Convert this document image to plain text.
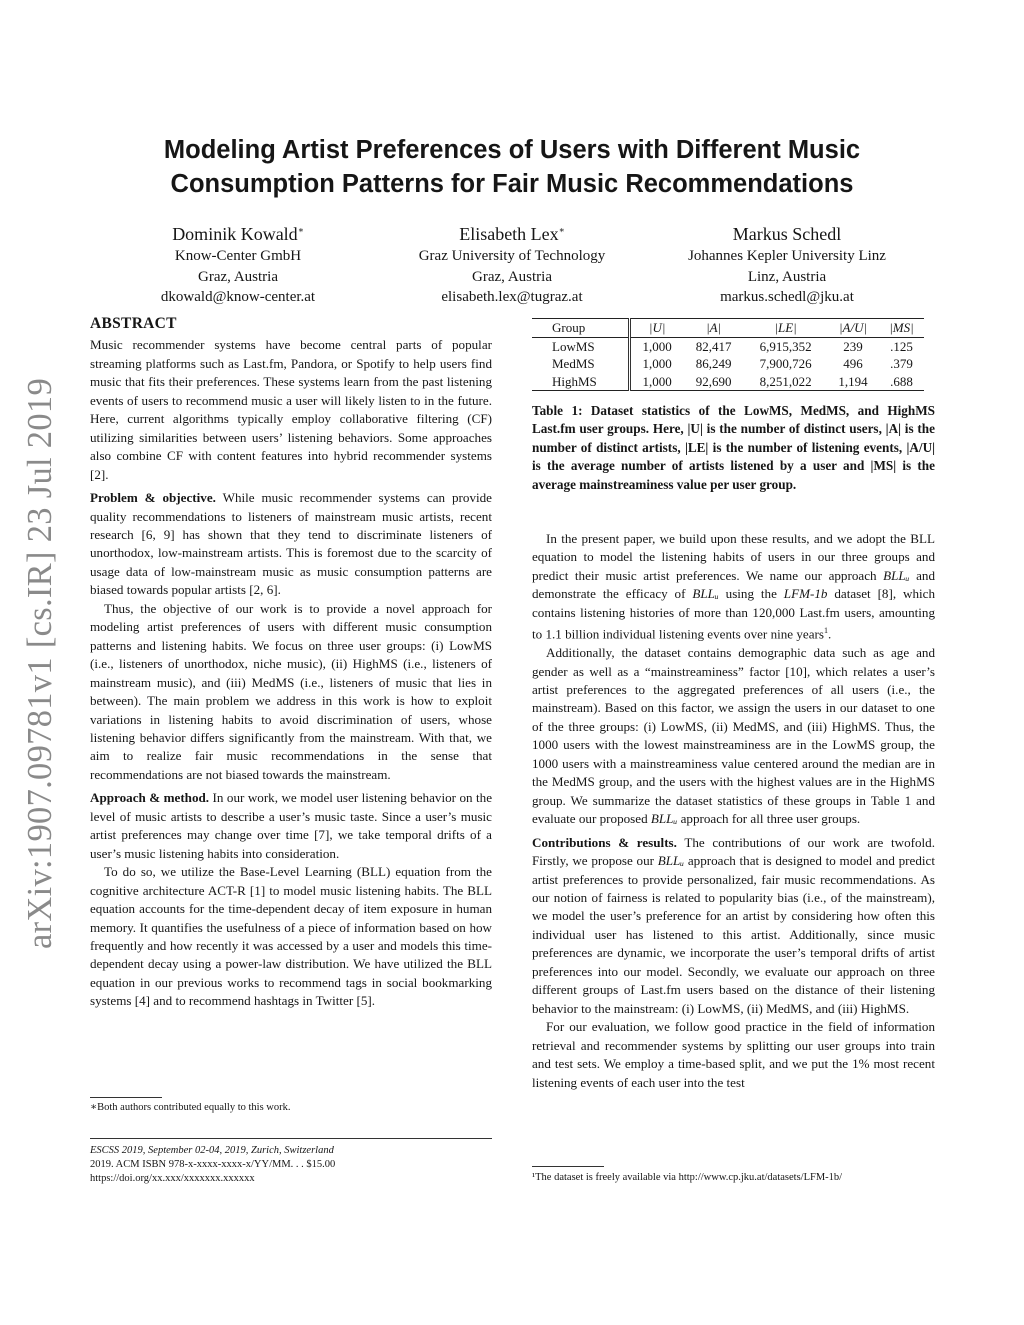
arXiv:1907.09781v1 [cs.IR] 23 Jul 2019
Modeling Artist Preferences of Users with Different Music
Consumption Patterns for Fair Music Recommendations
Dominik Kowald∗
Know-Center GmbH
Graz, Austria
dkowald@know-center.at
Elisabeth Lex∗
Graz University of Technology
Graz, Austria
elisabeth.lex@tugraz.at
Markus Schedl
Johannes Kepler University Linz
Linz, Austria
markus.schedl@jku.at
ABSTRACT

Music recommender systems have become central parts of popular streaming platforms such as Last.fm, Pandora, or Spotify to help users find music that fits their preferences. These systems learn from the past listening events of users to recommend music a user will likely listen to in the future. Here, current algorithms typically employ collaborative filtering (CF) utilizing similarities between users’ listening behaviors. Some approaches also combine CF with content features into hybrid recommender systems [2].

Problem & objective. While music recommender systems can provide quality recommendations to listeners of mainstream music artists, recent research [6, 9] has shown that they tend to discriminate listeners of unorthodox, low-mainstream artists. This is foremost due to the scarcity of usage data of low-mainstream music as music consumption patterns are biased towards popular artists [2, 6].

Thus, the objective of our work is to provide a novel approach for modeling artist preferences of users with different music consumption patterns and listening habits. We focus on three user groups: (i) LowMS (i.e., listeners of unorthodox, niche music), (ii) HighMS (i.e., listeners of mainstream music), and (iii) MedMS (i.e., listeners of music that lies in between). The main problem we address in this work is how to exploit variations in listening habits to avoid discrimination of users, whose listening behavior differs significantly from the mainstream. With that, we aim to realize fair music recommendations in the sense that recommendations are not biased towards the mainstream.

Approach & method. In our work, we model user listening behavior on the level of music artists to describe a user’s music taste. Since a user’s music artist preferences may change over time [7], we take temporal drifts of a user’s music listening habits into consideration.

To do so, we utilize the Base-Level Learning (BLL) equation from the cognitive architecture ACT-R [1] to model music listening habits. The BLL equation accounts for the time-dependent decay of item exposure in human memory. It quantifies the usefulness of a piece of information based on how frequently and how recently it was accessed by a user and models this time-dependent decay using a power-law distribution. We have utilized the BLL equation in our previous works to recommend tags in social bookmarking systems [4] and to recommend hashtags in Twitter [5].

∗Both authors contributed equally to this work.
ESCSS 2019, September 02-04, 2019, Zurich, Switzerland
2019. ACM ISBN 978-x-xxxx-xxxx-x/YY/MM. . . $15.00
https://doi.org/xx.xxx/xxxxxxx.xxxxxx
Group	|U|	|A|	|LE|	|A/U|	|MS|
LowMS	1,000	82,417	6,915,352	239	.125
MedMS	1,000	86,249	7,900,726	496	.379
HighMS	1,000	92,690	8,251,022	1,194	.688
Table 1: Dataset statistics of the LowMS, MedMS, and HighMS Last.fm user groups. Here, |U| is the number of distinct users, |A| is the number of distinct artists, |LE| is the number of listening events, |A/U| is the average number of artists listened by a user and |MS| is the average mainstreaminess value per user group.

In the present paper, we build upon these results, and we adopt the BLL equation to model the listening habits of users in our three groups and predict their music artist preferences. We name our approach BLLᵤ and demonstrate the efficacy of BLLᵤ using the LFM-1b dataset [8], which contains listening histories of more than 120,000 Last.fm users, amounting to 1.1 billion individual listening events over nine years$^1$.

Additionally, the dataset contains demographic data such as age and gender as well as a “mainstreaminess” factor [10], which relates a user’s artist preferences to the aggregated preferences of all users (i.e., the mainstream). Based on this factor, we assign the users in our dataset to one of the three groups: (i) LowMS, (ii) MedMS, and (iii) HighMS. Thus, the 1000 users with the lowest mainstreaminess are in the LowMS group, the 1000 users with a mainstreaminess value centered around the median are in the MedMS group, and the users with the highest values are in the HighMS group. We summarize the dataset statistics of these groups in Table 1 and evaluate our proposed BLLᵤ approach for all three user groups.

Contributions & results. The contributions of our work are twofold. Firstly, we propose our BLLᵤ approach that is designed to model and predict artist preferences to provide personalized, fair music recommendations. As our notion of fairness is related to popularity bias (i.e., of the mainstream), we model the user’s preference for an artist by considering how often this individual user has listened to this artist. Additionally, since music preferences are dynamic, we incorporate the user’s temporal drifts of artist preferences into our model. Secondly, we evaluate our approach on three different groups of Last.fm users based on the distance of their listening behavior to the mainstream: (i) LowMS, (ii) MedMS, and (iii) HighMS.

For our evaluation, we follow good practice in the field of information retrieval and recommender systems by splitting our user groups into train and test sets. We employ a time-based split, and we put the 1% most recent listening events of each user into the test

¹The dataset is freely available via http://www.cp.jku.at/datasets/LFM-1b/
